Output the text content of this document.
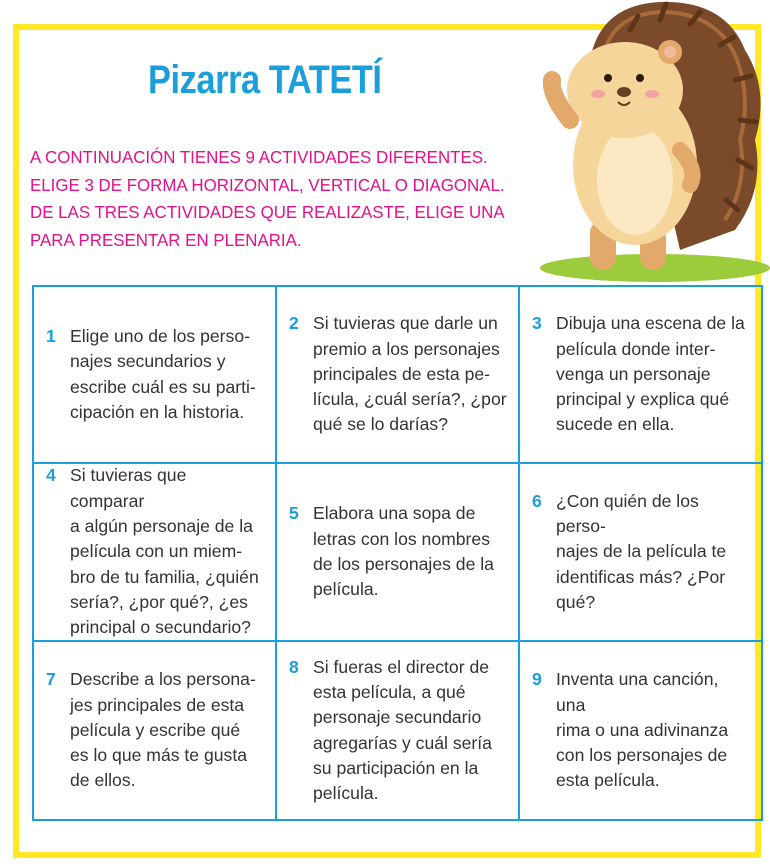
Pizarra TATETÍ
A CONTINUACIÓN TIENES 9 ACTIVIDADES DIFERENTES.
ELIGE 3 DE FORMA HORIZONTAL, VERTICAL O DIAGONAL.
DE LAS TRES ACTIVIDADES QUE REALIZASTE, ELIGE UNA
PARA PRESENTAR EN PLENARIA.
1 Elige uno de los perso-
najes secundarios y
escribe cuál es su parti-
cipación en la historia.
2 Si tuvieras que darle un
premio a los personajes
principales de esta pe-
lícula, ¿cuál sería?, ¿por
qué se lo darías?
3 Dibuja una escena de la
película donde inter-
venga un personaje
principal y explica qué
sucede en ella.
4 Si tuvieras que comparar
a algún personaje de la
película con un miem-
bro de tu familia, ¿quién
sería?, ¿por qué?, ¿es
principal o secundario?
5 Elabora una sopa de
letras con los nombres
de los personajes de la
película.
6 ¿Con quién de los perso-
najes de la película te
identificas más? ¿Por
qué?
7 Describe a los persona-
jes principales de esta
película y escribe qué
es lo que más te gusta
de ellos.
8 Si fueras el director de
esta película, a qué
personaje secundario
agregarías y cuál sería
su participación en la
película.
9 Inventa una canción, una
rima o una adivinanza
con los personajes de
esta película.
